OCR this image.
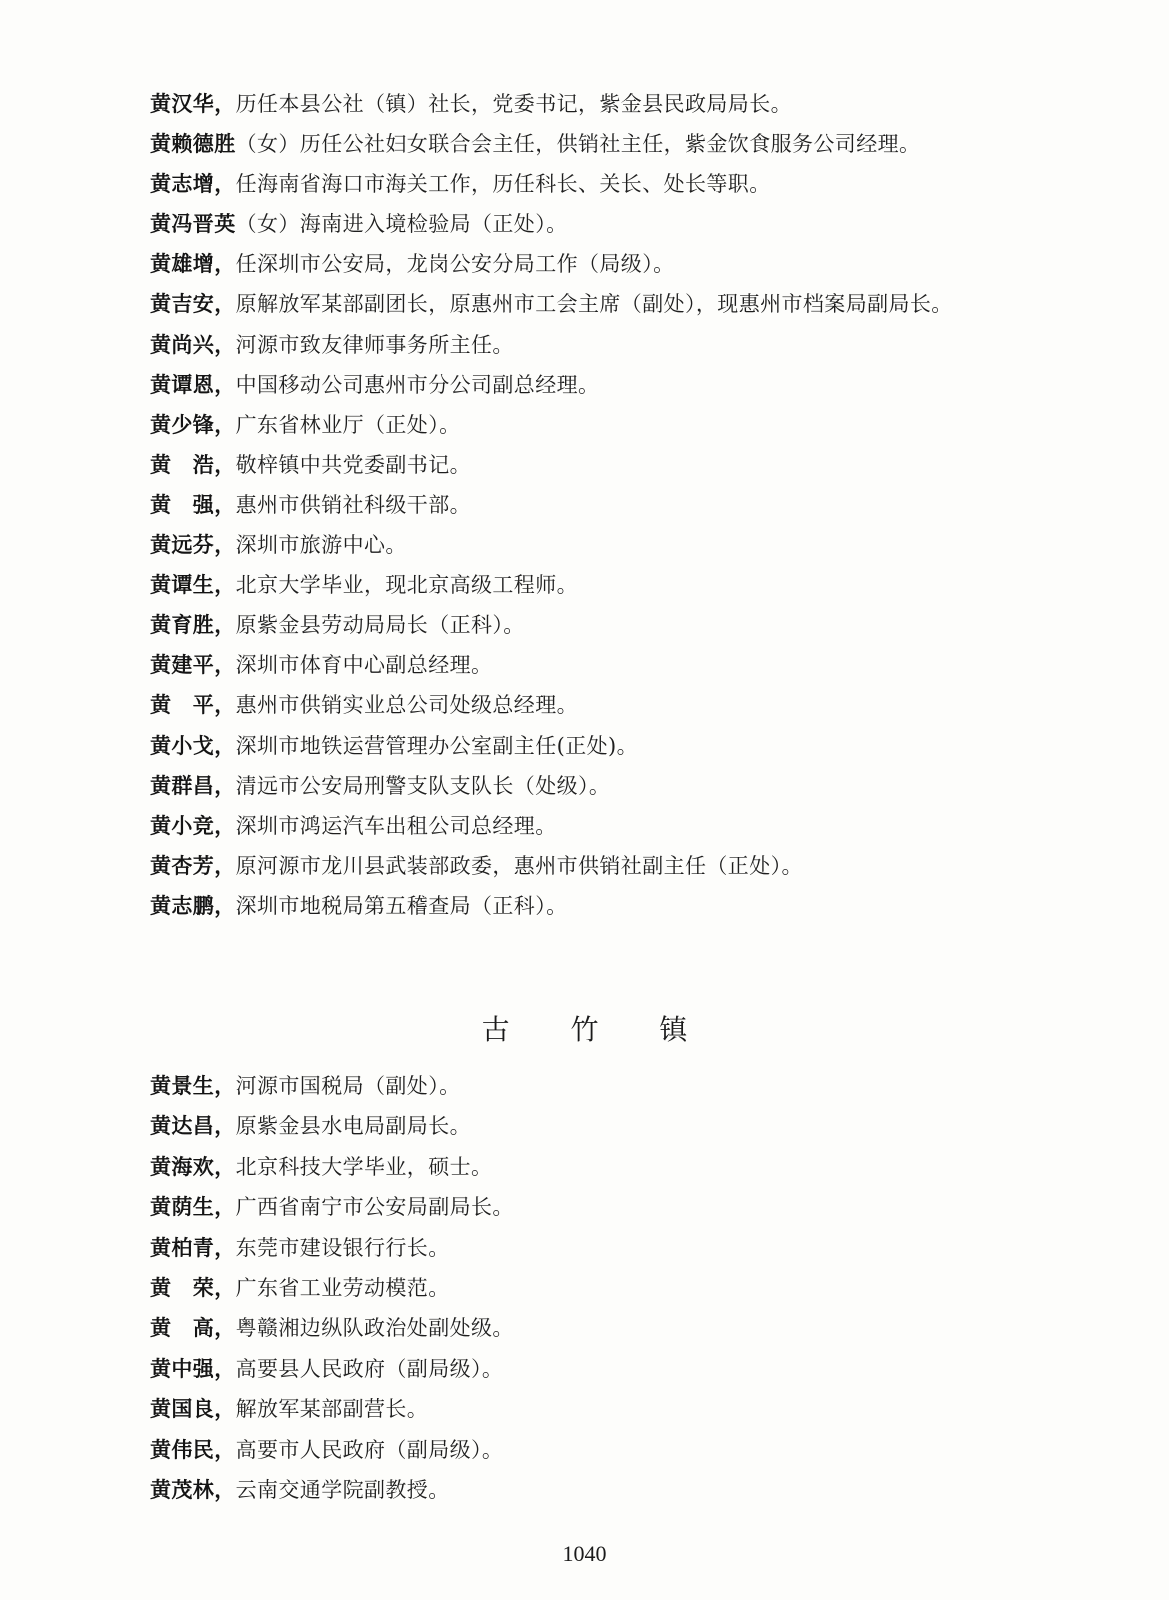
黄汉华，历任本县公社（镇）社长，党委书记，紫金县民政局局长。
黄赖德胜（女）历任公社妇女联合会主任，供销社主任，紫金饮食服务公司经理。
黄志增，任海南省海口市海关工作，历任科长、关长、处长等职。
黄冯晋英（女）海南进入境检验局（正处）。
黄雄增，任深圳市公安局，龙岗公安分局工作（局级）。
黄吉安，原解放军某部副团长，原惠州市工会主席（副处），现惠州市档案局副局长。
黄尚兴，河源市致友律师事务所主任。
黄谭恩，中国移动公司惠州市分公司副总经理。
黄少锋，广东省林业厅（正处）。
黄　浩，敬梓镇中共党委副书记。
黄　强，惠州市供销社科级干部。
黄远芬，深圳市旅游中心。
黄谭生，北京大学毕业，现北京高级工程师。
黄育胜，原紫金县劳动局局长（正科）。
黄建平，深圳市体育中心副总经理。
黄　平，惠州市供销实业总公司处级总经理。
黄小戈，深圳市地铁运营管理办公室副主任(正处)。
黄群昌，清远市公安局刑警支队支队长（处级）。
黄小竞，深圳市鸿运汽车出租公司总经理。
黄杏芳，原河源市龙川县武装部政委，惠州市供销社副主任（正处）。
黄志鹏，深圳市地税局第五稽查局（正科）。
古 竹 镇
黄景生，河源市国税局（副处）。
黄达昌，原紫金县水电局副局长。
黄海欢，北京科技大学毕业，硕士。
黄荫生，广西省南宁市公安局副局长。
黄柏青，东莞市建设银行行长。
黄　荣，广东省工业劳动模范。
黄　高，粤赣湘边纵队政治处副处级。
黄中强，高要县人民政府（副局级）。
黄国良，解放军某部副营长。
黄伟民，高要市人民政府（副局级）。
黄茂林，云南交通学院副教授。
1040
